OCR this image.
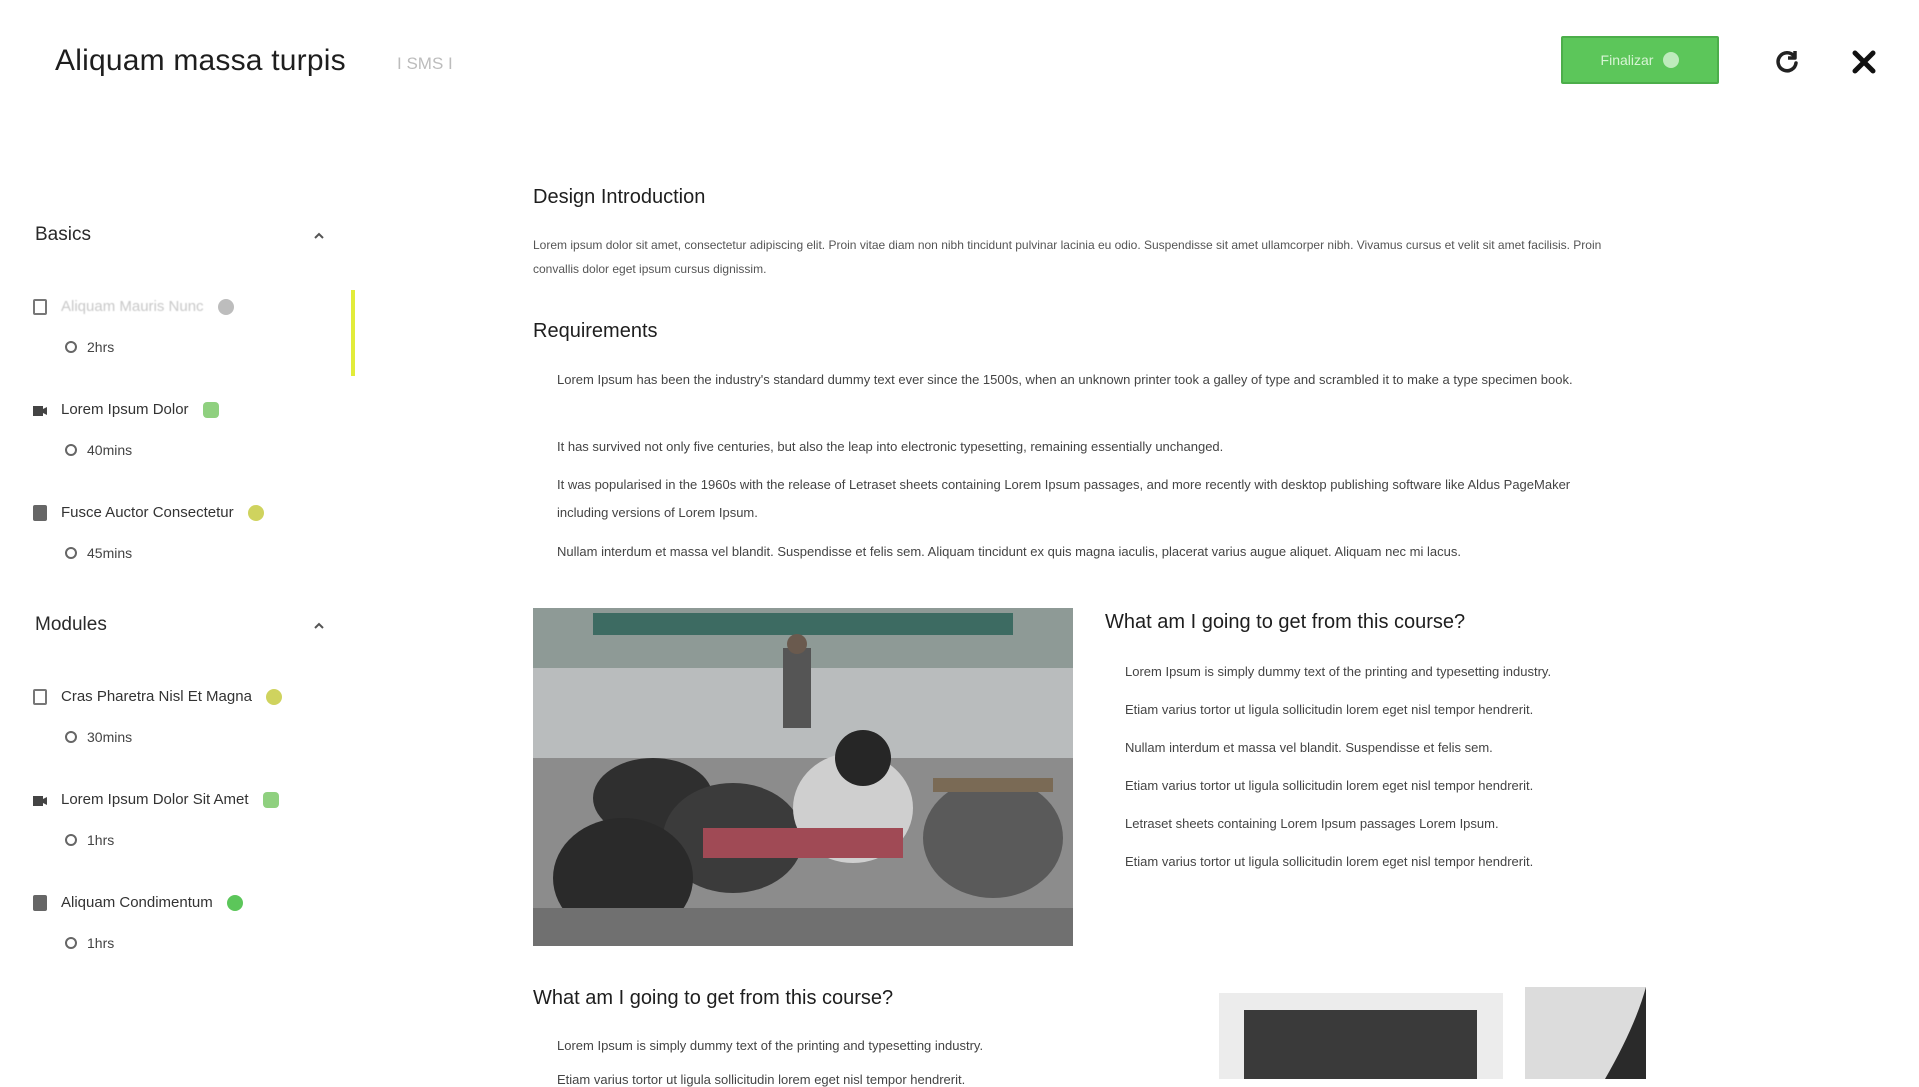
Aliquam massa turpis	I SMS I	Finalizar
Basics
Aliquam Mauris Nunc
2hrs
Lorem Ipsum Dolor
40mins
Fusce Auctor Consectetur
45mins
Modules
Cras Pharetra Nisl Et Magna
30mins
Lorem Ipsum Dolor Sit Amet
1hrs
Aliquam Condimentum
1hrs
Design Introduction
Lorem ipsum dolor sit amet, consectetur adipiscing elit. Proin vitae diam non nibh tincidunt pulvinar lacinia eu odio. Suspendisse sit amet ullamcorper nibh. Vivamus cursus et velit sit amet facilisis. Proin convallis dolor eget ipsum cursus dignissim.
Requirements
Lorem Ipsum has been the industry's standard dummy text ever since the 1500s, when an unknown printer took a galley of type and scrambled it to make a type specimen book.
It has survived not only five centuries, but also the leap into electronic typesetting, remaining essentially unchanged.
It was popularised in the 1960s with the release of Letraset sheets containing Lorem Ipsum passages, and more recently with desktop publishing software like Aldus PageMaker including versions of Lorem Ipsum.
Nullam interdum et massa vel blandit. Suspendisse et felis sem. Aliquam tincidunt ex quis magna iaculis, placerat varius augue aliquet. Aliquam nec mi lacus.
What am I going to get from this course?
Lorem Ipsum is simply dummy text of the printing and typesetting industry.
Etiam varius tortor ut ligula sollicitudin lorem eget nisl tempor hendrerit.
Nullam interdum et massa vel blandit. Suspendisse et felis sem.
Etiam varius tortor ut ligula sollicitudin lorem eget nisl tempor hendrerit.
Letraset sheets containing Lorem Ipsum passages Lorem Ipsum.
Etiam varius tortor ut ligula sollicitudin lorem eget nisl tempor hendrerit.
What am I going to get from this course?
Lorem Ipsum is simply dummy text of the printing and typesetting industry.
Etiam varius tortor ut ligula sollicitudin lorem eget nisl tempor hendrerit.
